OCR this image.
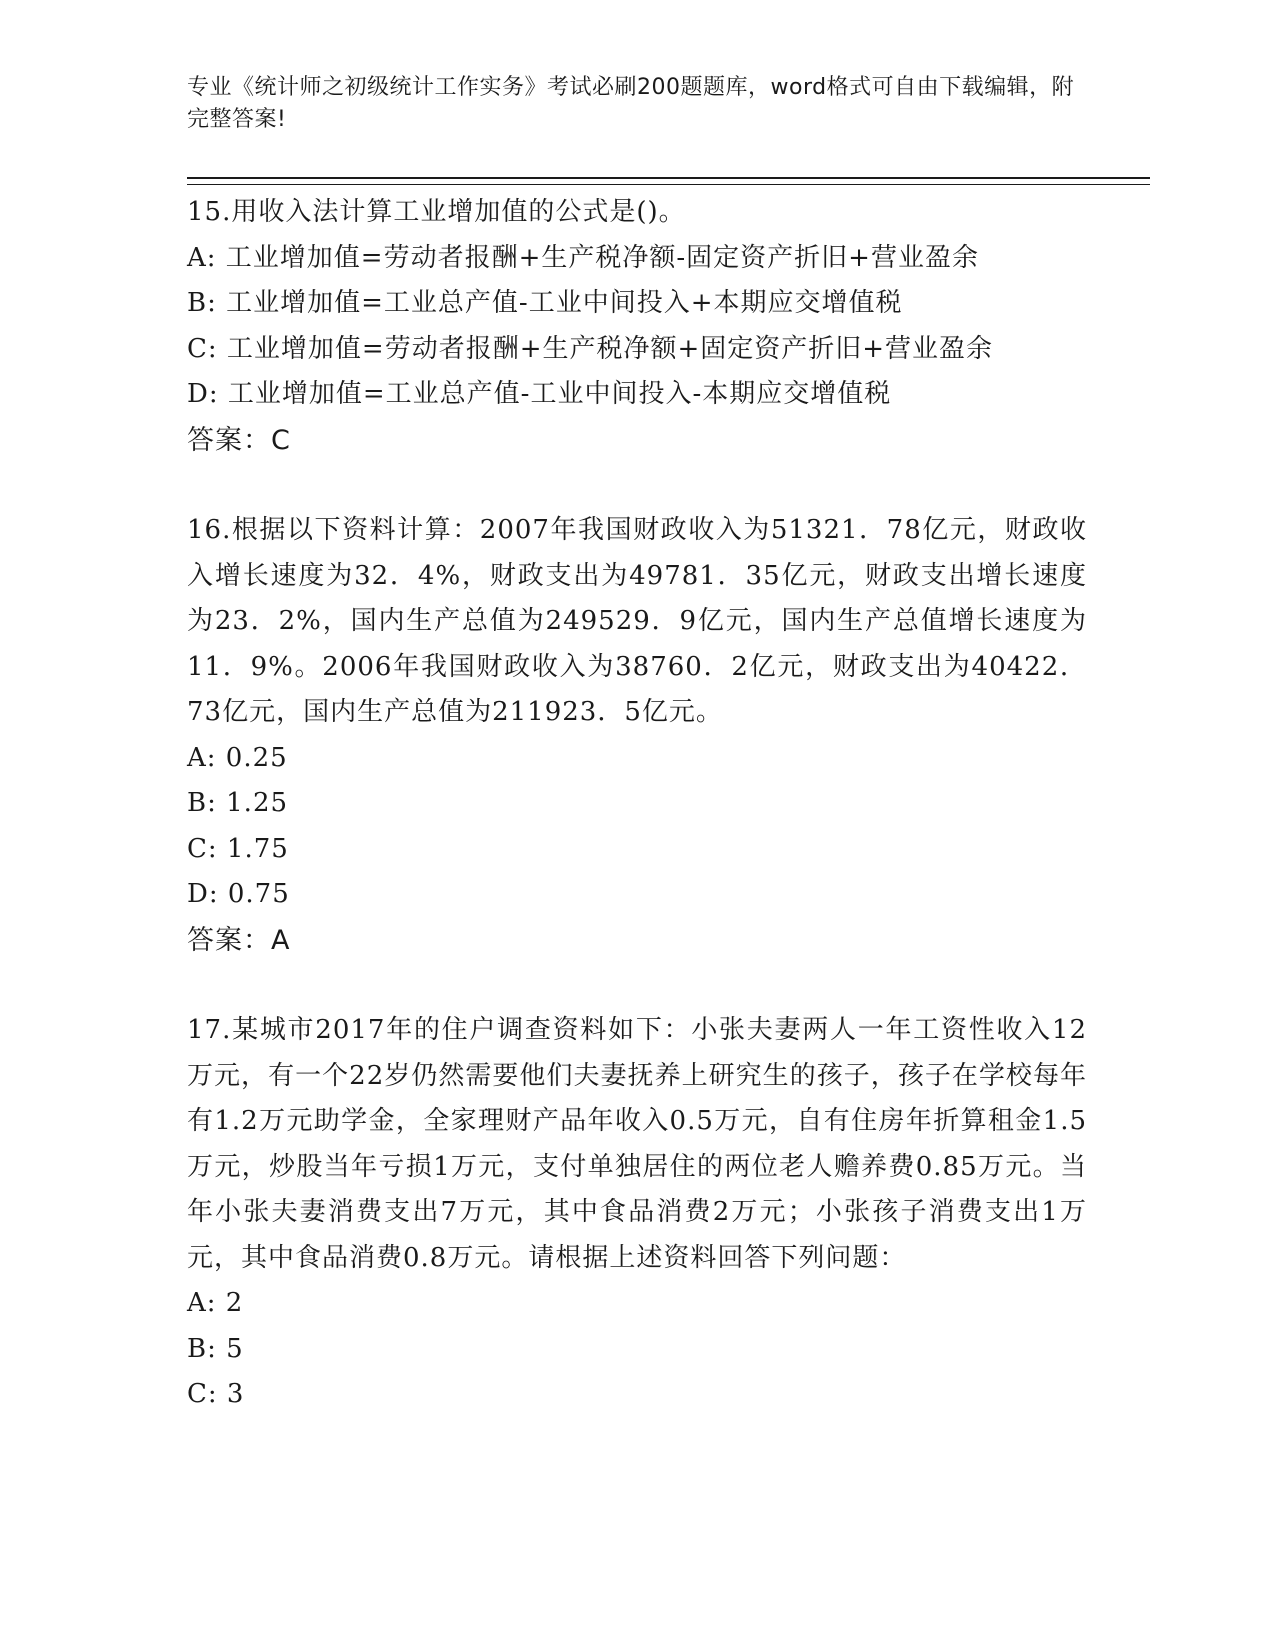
专业《统计师之初级统计工作实务》考试必刷200题题库，word格式可自由下载编辑，附完整答案!

15.用收入法计算工业增加值的公式是()。

A: 工业增加值=劳动者报酬+生产税净额-固定资产折旧+营业盈余

B: 工业增加值=工业总产值-工业中间投入+本期应交增值税

C: 工业增加值=劳动者报酬+生产税净额+固定资产折旧+营业盈余

D: 工业增加值=工业总产值-工业中间投入-本期应交增值税

答案：C

16.根据以下资料计算：2007年我国财政收入为51321．78亿元，财政收入增长速度为32．4%，财政支出为49781．35亿元，财政支出增长速度为23．2%，国内生产总值为249529．9亿元，国内生产总值增长速度为11．9%。2006年我国财政收入为38760．2亿元，财政支出为40422．73亿元，国内生产总值为211923．5亿元。

A: 0.25

B: 1.25

C: 1.75

D: 0.75

答案：A

17.某城市2017年的住户调查资料如下：小张夫妻两人一年工资性收入12万元，有一个22岁仍然需要他们夫妻抚养上研究生的孩子，孩子在学校每年有1.2万元助学金，全家理财产品年收入0.5万元，自有住房年折算租金1.5万元，炒股当年亏损1万元，支付单独居住的两位老人赡养费0.85万元。当年小张夫妻消费支出7万元，其中食品消费2万元；小张孩子消费支出1万元，其中食品消费0.8万元。请根据上述资料回答下列问题：

A: 2

B: 5

C: 3
